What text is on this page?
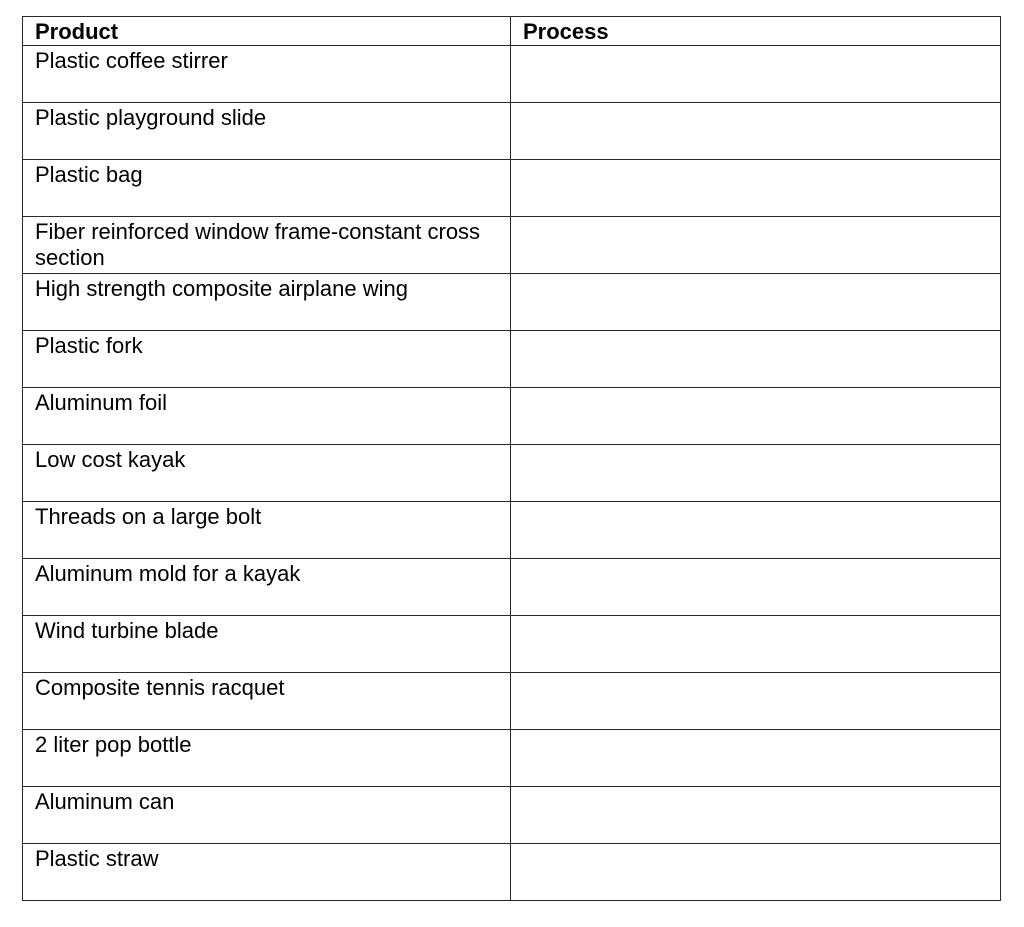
Product	Process
Plastic coffee stirrer	
Plastic playground slide	
Plastic bag	
Fiber reinforced window frame-constant cross section	
High strength composite airplane wing	
Plastic fork	
Aluminum foil	
Low cost kayak	
Threads on a large bolt	
Aluminum mold for a kayak	
Wind turbine blade	
Composite tennis racquet	
2 liter pop bottle	
Aluminum can	
Plastic straw	
